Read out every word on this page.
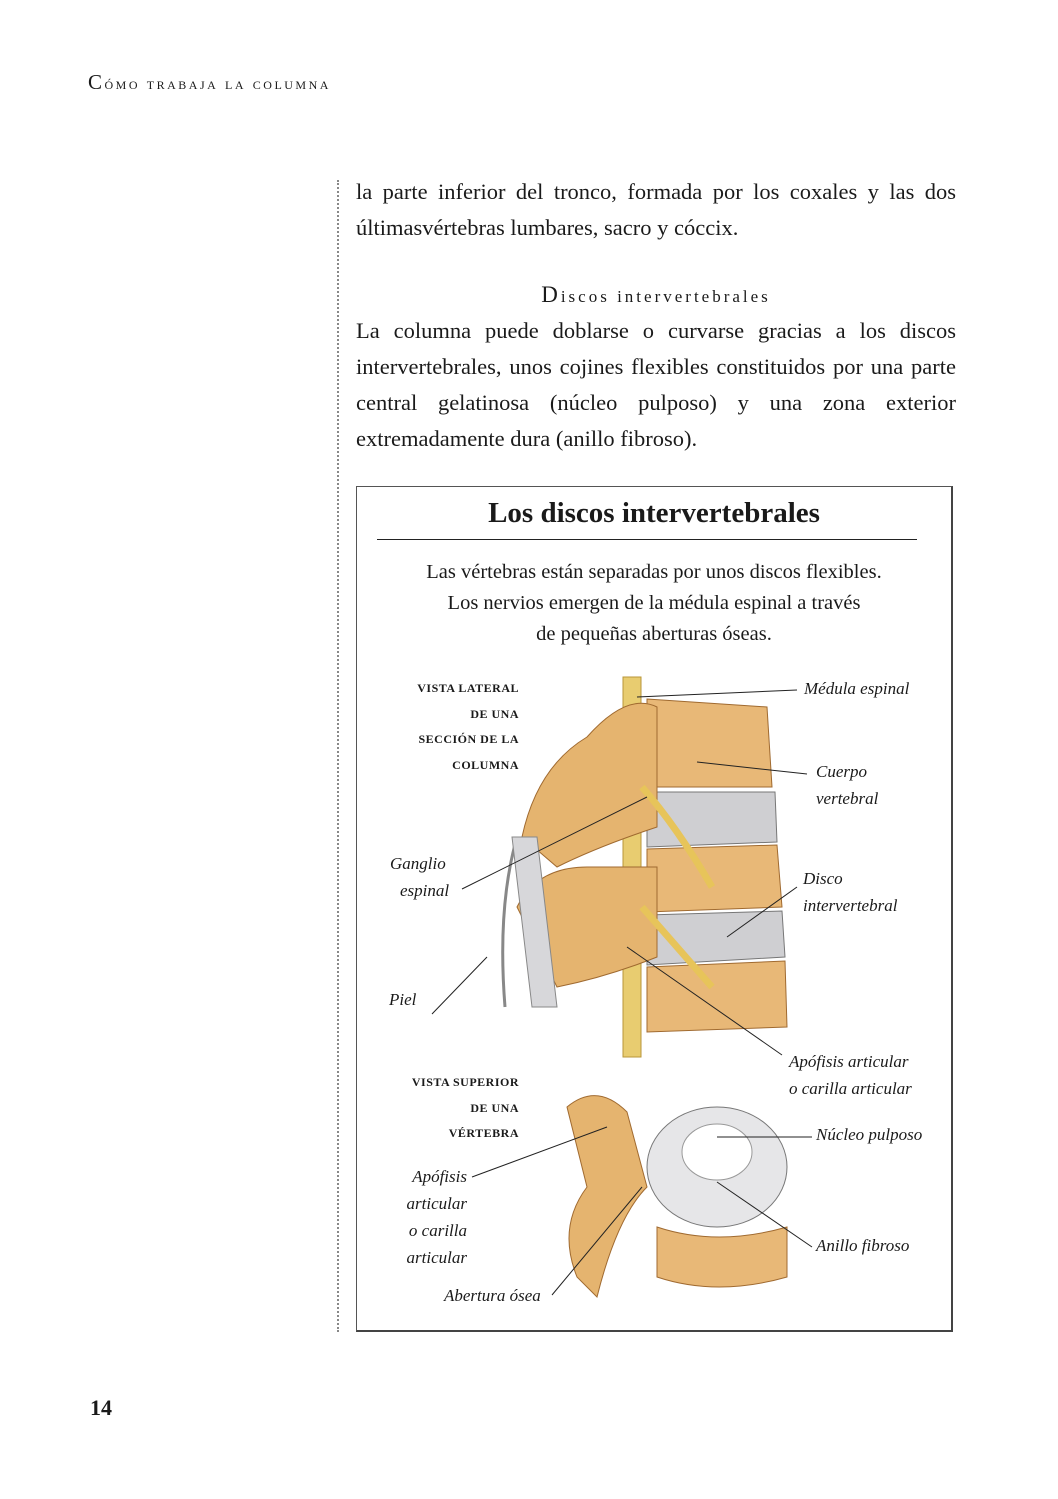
Cómo trabaja la columna
la parte inferior del tronco, formada por los coxales y las dos últimasvértebras lumbares, sacro y cóccix.
Discos intervertebrales
La columna puede doblarse o curvarse gracias a los discos intervertebrales, unos cojines flexibles constituidos por una parte central gelatinosa (núcleo pulposo) y una zona exterior extremadamente dura (anillo fibroso).
Los discos intervertebrales
Las vértebras están separadas por unos discos flexibles.
Los nervios emergen de la médula espinal a través
de pequeñas aberturas óseas.
VISTA LATERAL
DE UNA
SECCIÓN DE LA
COLUMNA
VISTA SUPERIOR
DE UNA
VÉRTEBRA
Médula espinal
Cuerpo
vertebral
Ganglio
espinal
Disco
intervertebral
Piel
Apófisis articular
o carilla articular
Núcleo pulposo
Apófisis
articular
o carilla
articular
Anillo fibroso
Abertura ósea
14
